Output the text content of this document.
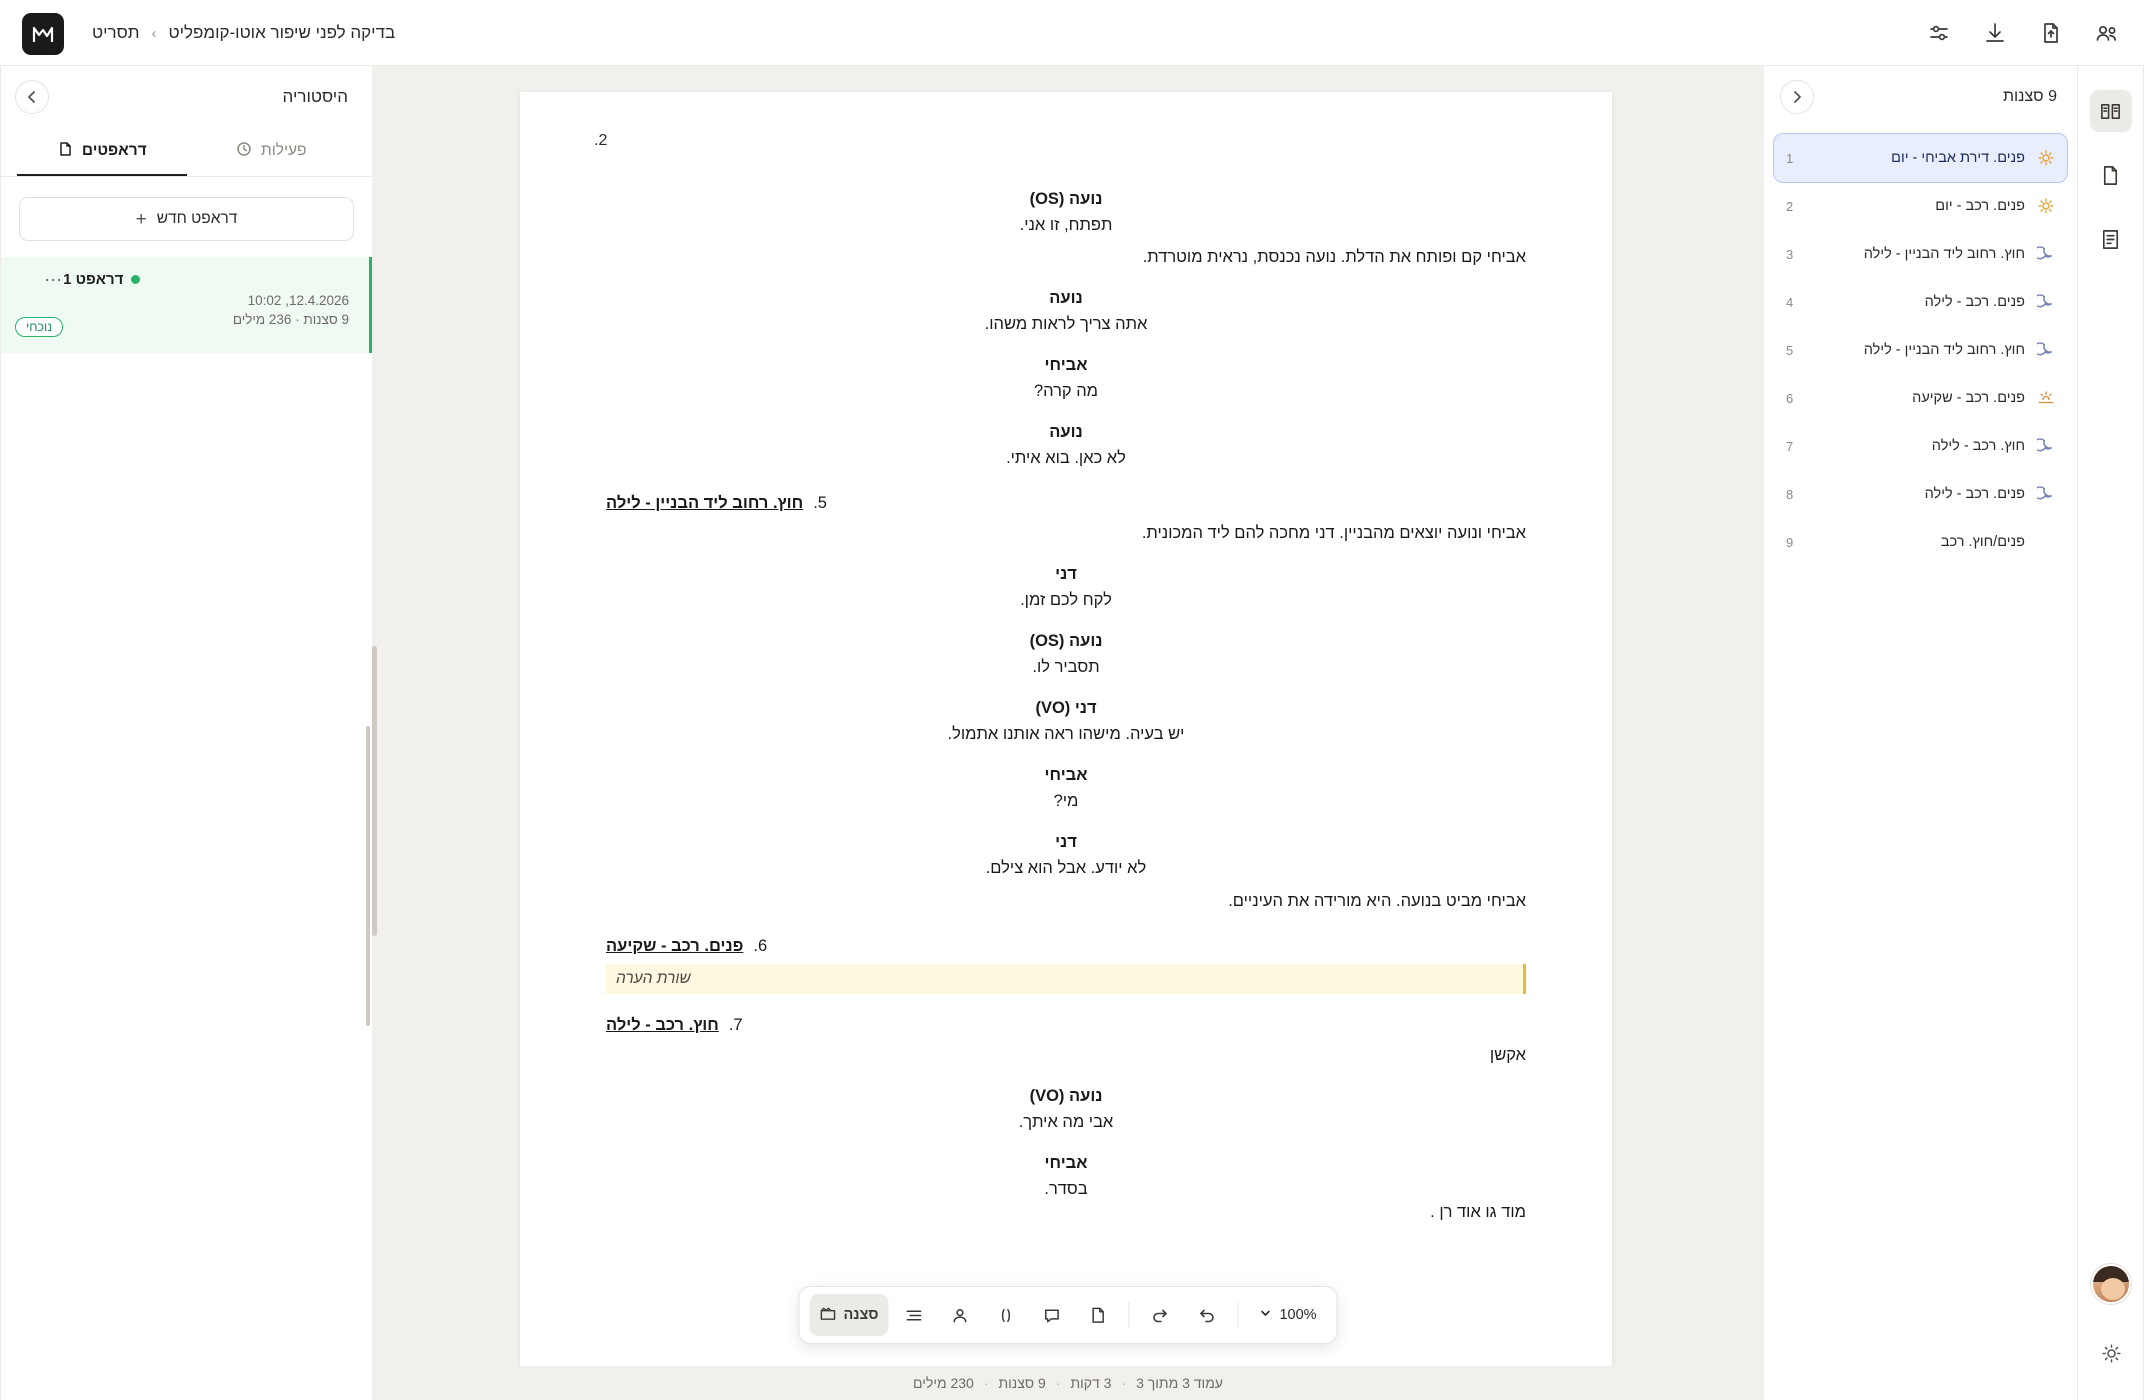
בדיקה לפני שיפור אוטו-קומפליט
›
תסריט
היסטוריה
דראפטים	פעילות
דראפט חדש
+
דראפט 1
12.4.2026, 10:02
9 סצנות · 236 מילים
⋯
נוכחי
2.
נועה (OS)
תפתח, זו אני.
אביחי קם ופותח את הדלת. נועה נכנסת, נראית מוטרדת.
נועה
אתה צריך לראות משהו.
אביחי
מה קרה?
נועה
לא כאן. בוא איתי.
חוץ. רחוב ליד הבניין - לילה 5.
אביחי ונועה יוצאים מהבניין. דני מחכה להם ליד המכונית.
דני
לקח לכם זמן.
נועה (OS)
תסביר לו.
דני (VO)
יש בעיה. מישהו ראה אותנו אתמול.
אביחי
מי?
דני
לא יודע. אבל הוא צילם.
אביחי מביט בנועה. היא מורידה את העיניים.
פנים. רכב - שקיעה 6.
שורת הערה
חוץ. רכב - לילה 7.
אקשן
נועה (VO)
אבי מה איתך.
אביחי
בסדר.
מוד גו אוד רן .
סצנה	100%
עמוד 3 מתוך 3
·
3 דקות
·
9 סצנות
·
230 מילים
9 סצנות
פנים. דירת אביחי - יום
1
פנים. רכב - יום
2
חוץ. רחוב ליד הבניין - לילה
3
פנים. רכב - לילה
4
חוץ. רחוב ליד הבניין - לילה
5
פנים. רכב - שקיעה
6
חוץ. רכב - לילה
7
פנים. רכב - לילה
8
פנים/חוץ. רכב
9
